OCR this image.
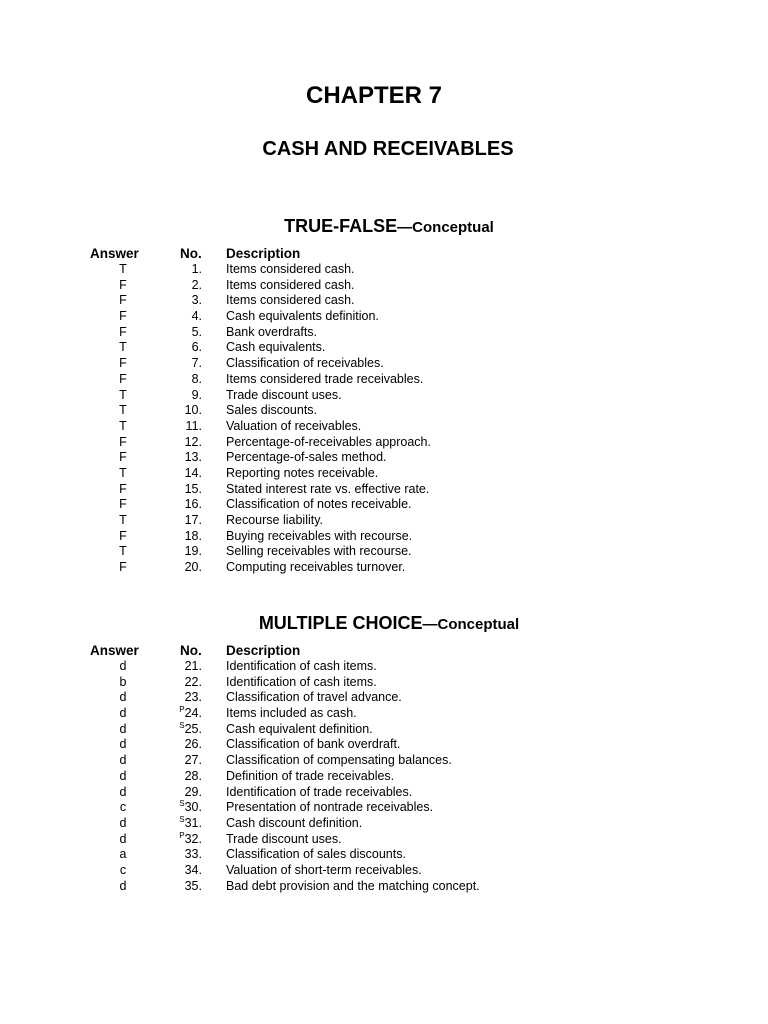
CHAPTER 7
CASH AND RECEIVABLES
TRUE-FALSE—Conceptual
Answer	No. Description
T	1. Items considered cash.
F	2. Items considered cash.
F	3. Items considered cash.
F	4. Cash equivalents definition.
F	5. Bank overdrafts.
T	6. Cash equivalents.
F	7. Classification of receivables.
F	8. Items considered trade receivables.
T	9. Trade discount uses.
T	10. Sales discounts.
T	11. Valuation of receivables.
F	12. Percentage-of-receivables approach.
F	13. Percentage-of-sales method.
T	14. Reporting notes receivable.
F	15. Stated interest rate vs. effective rate.
F	16. Classification of notes receivable.
T	17. Recourse liability.
F	18. Buying receivables with recourse.
T	19. Selling receivables with recourse.
F	20. Computing receivables turnover.
MULTIPLE CHOICE—Conceptual
Answer	No. Description
d	21. Identification of cash items.
b	22. Identification of cash items.
d	23. Classification of travel advance.
d	$^P$24. Items included as cash.
d	$^S$25. Cash equivalent definition.
d	26. Classification of bank overdraft.
d	27. Classification of compensating balances.
d	28. Definition of trade receivables.
d	29. Identification of trade receivables.
c	$^S$30. Presentation of nontrade receivables.
d	$^S$31. Cash discount definition.
d	$^P$32. Trade discount uses.
a	33. Classification of sales discounts.
c	34. Valuation of short-term receivables.
d	35. Bad debt provision and the matching concept.
